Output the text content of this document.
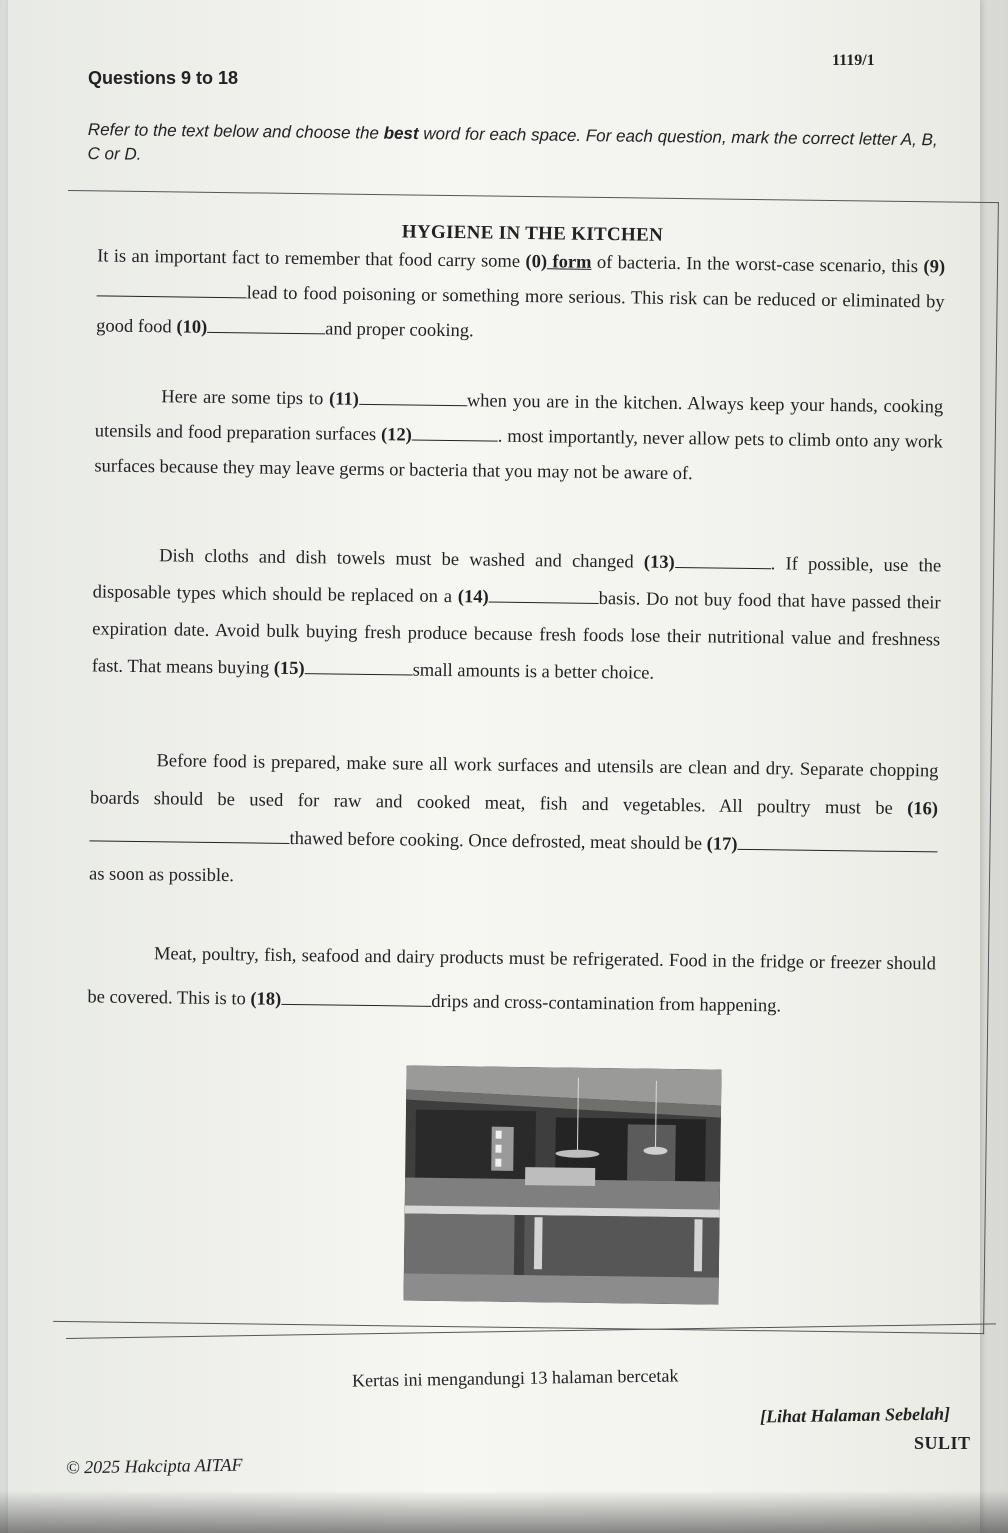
1119/1
Questions 9 to 18
Refer to the text below and choose the best word for each space. For each question, mark the correct letter A, B, C or D.
HYGIENE IN THE KITCHEN
It is an important fact to remember that food carry some (0) form of bacteria. In the worst-case scenario, this (9)lead to food poisoning or something more serious. This risk can be reduced or eliminated by good food (10)	and proper cooking.
Here are some tips to (11)	when you are in the kitchen. Always keep your hands, cooking utensils and food preparation surfaces (12)	. most importantly, never allow pets to climb onto any work surfaces because they may leave germs or bacteria that you may not be aware of.
Dish cloths and dish towels must be washed and changed (13)	. If possible, use the disposable types which should be replaced on a (14)	basis. Do not buy food that have passed their expiration date. Avoid bulk buying fresh produce because fresh foods lose their nutritional value and freshness fast. That means buying (15)	small amounts is a better choice.
Before food is prepared, make sure all work surfaces and utensils are clean and dry. Separate chopping boards should be used for raw and cooked meat, fish and vegetables. All poultry must be (16)thawed before cooking. Once defrosted, meat should be (17)as soon as possible.
Meat, poultry, fish, seafood and dairy products must be refrigerated. Food in the fridge or freezer should be covered. This is to (18)	drips and cross-contamination from happening.
Kertas ini mengandungi 13 halaman bercetak
[Lihat Halaman Sebelah]
SULIT
© 2025 Hakcipta AITAF
